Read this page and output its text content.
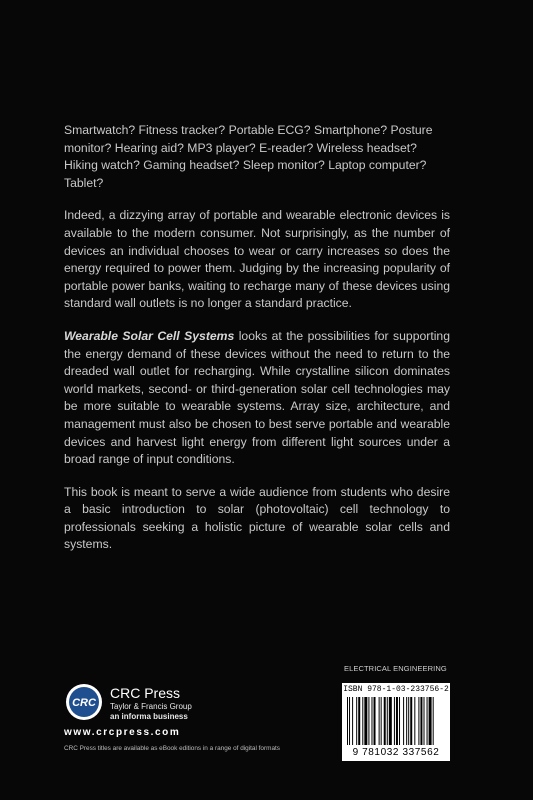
Smartwatch? Fitness tracker? Portable ECG? Smartphone? Posture monitor? Hearing aid? MP3 player? E-reader? Wireless headset? Hiking watch? Gaming headset? Sleep monitor? Laptop computer? Tablet?

Indeed, a dizzying array of portable and wearable electronic devices is available to the modern consumer. Not surprisingly, as the number of devices an individual chooses to wear or carry increases so does the energy required to power them. Judging by the increasing popularity of portable power banks, waiting to recharge many of these devices using standard wall outlets is no longer a standard practice.

Wearable Solar Cell Systems looks at the possibilities for supporting the energy demand of these devices without the need to return to the dreaded wall outlet for recharging. While crystalline silicon dominates world markets, second- or third-generation solar cell technologies may be more suitable to wearable systems. Array size, architecture, and management must also be chosen to best serve portable and wearable devices and harvest light energy from different light sources under a broad range of input conditions.

This book is meant to serve a wide audience from students who desire a basic introduction to solar (photovoltaic) cell technology to professionals seeking a holistic picture of wearable solar cells and systems.

ELECTRICAL ENGINEERING
ISBN 978-1-03-233756-2
9 781032 337562
CRC
CRC Press
Taylor & Francis Group
an informa business
www.crcpress.com
CRC Press titles are available as eBook editions in a range of digital formats
